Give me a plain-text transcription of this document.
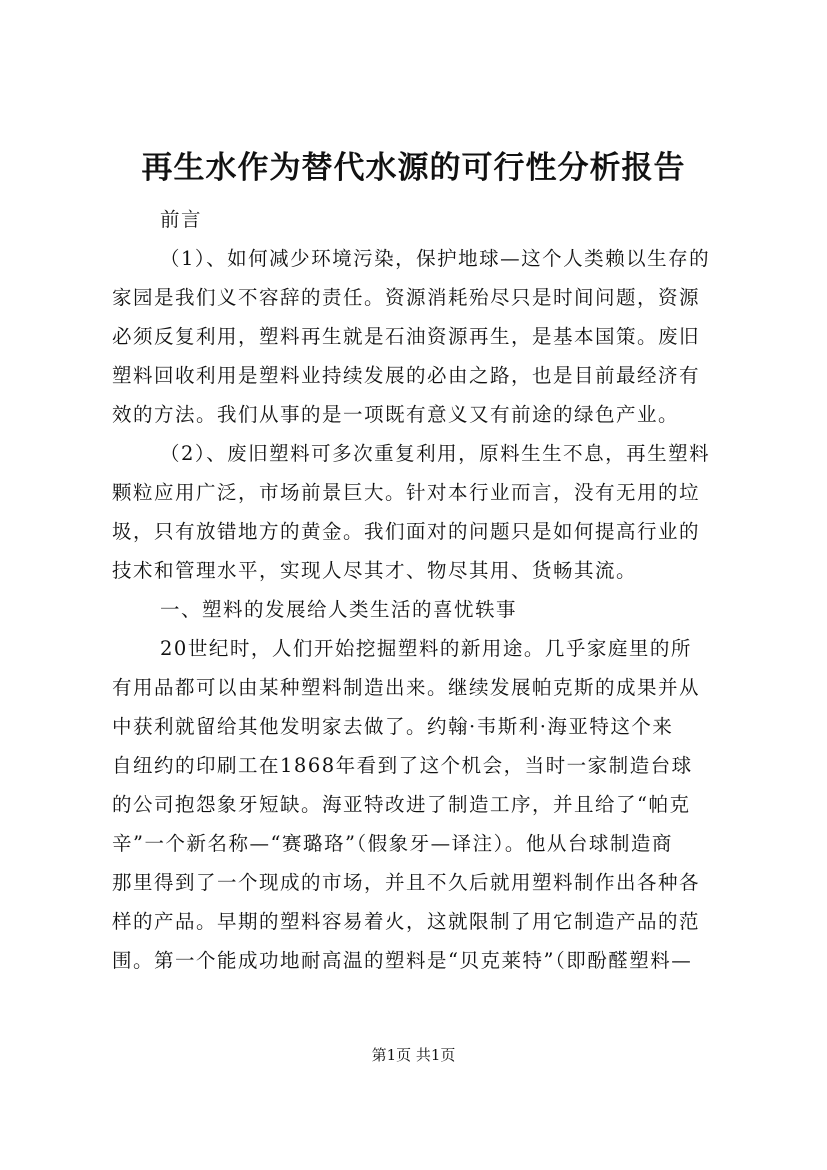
再生水作为替代水源的可行性分析报告

前言

（1）、如何减少环境污染，保护地球—这个人类赖以生存的
家园是我们义不容辞的责任。资源消耗殆尽只是时间问题，资源
必须反复利用，塑料再生就是石油资源再生，是基本国策。废旧
塑料回收利用是塑料业持续发展的必由之路，也是目前最经济有
效的方法。我们从事的是一项既有意义又有前途的绿色产业。

（2）、废旧塑料可多次重复利用，原料生生不息，再生塑料
颗粒应用广泛，市场前景巨大。针对本行业而言，没有无用的垃
圾，只有放错地方的黄金。我们面对的问题只是如何提高行业的
技术和管理水平，实现人尽其才、物尽其用、货畅其流。

一、塑料的发展给人类生活的喜忧轶事

20世纪时，人们开始挖掘塑料的新用途。几乎家庭里的所
有用品都可以由某种塑料制造出来。继续发展帕克斯的成果并从
中获利就留给其他发明家去做了。约翰·韦斯利·海亚特这个来
自纽约的印刷工在1868年看到了这个机会，当时一家制造台球
的公司抱怨象牙短缺。海亚特改进了制造工序，并且给了“帕克
辛”一个新名称—“赛璐珞”（假象牙—译注）。他从台球制造商
那里得到了一个现成的市场，并且不久后就用塑料制作出各种各
样的产品。早期的塑料容易着火，这就限制了用它制造产品的范
围。第一个能成功地耐高温的塑料是“贝克莱特”（即酚醛塑料—

第1页 共1页
